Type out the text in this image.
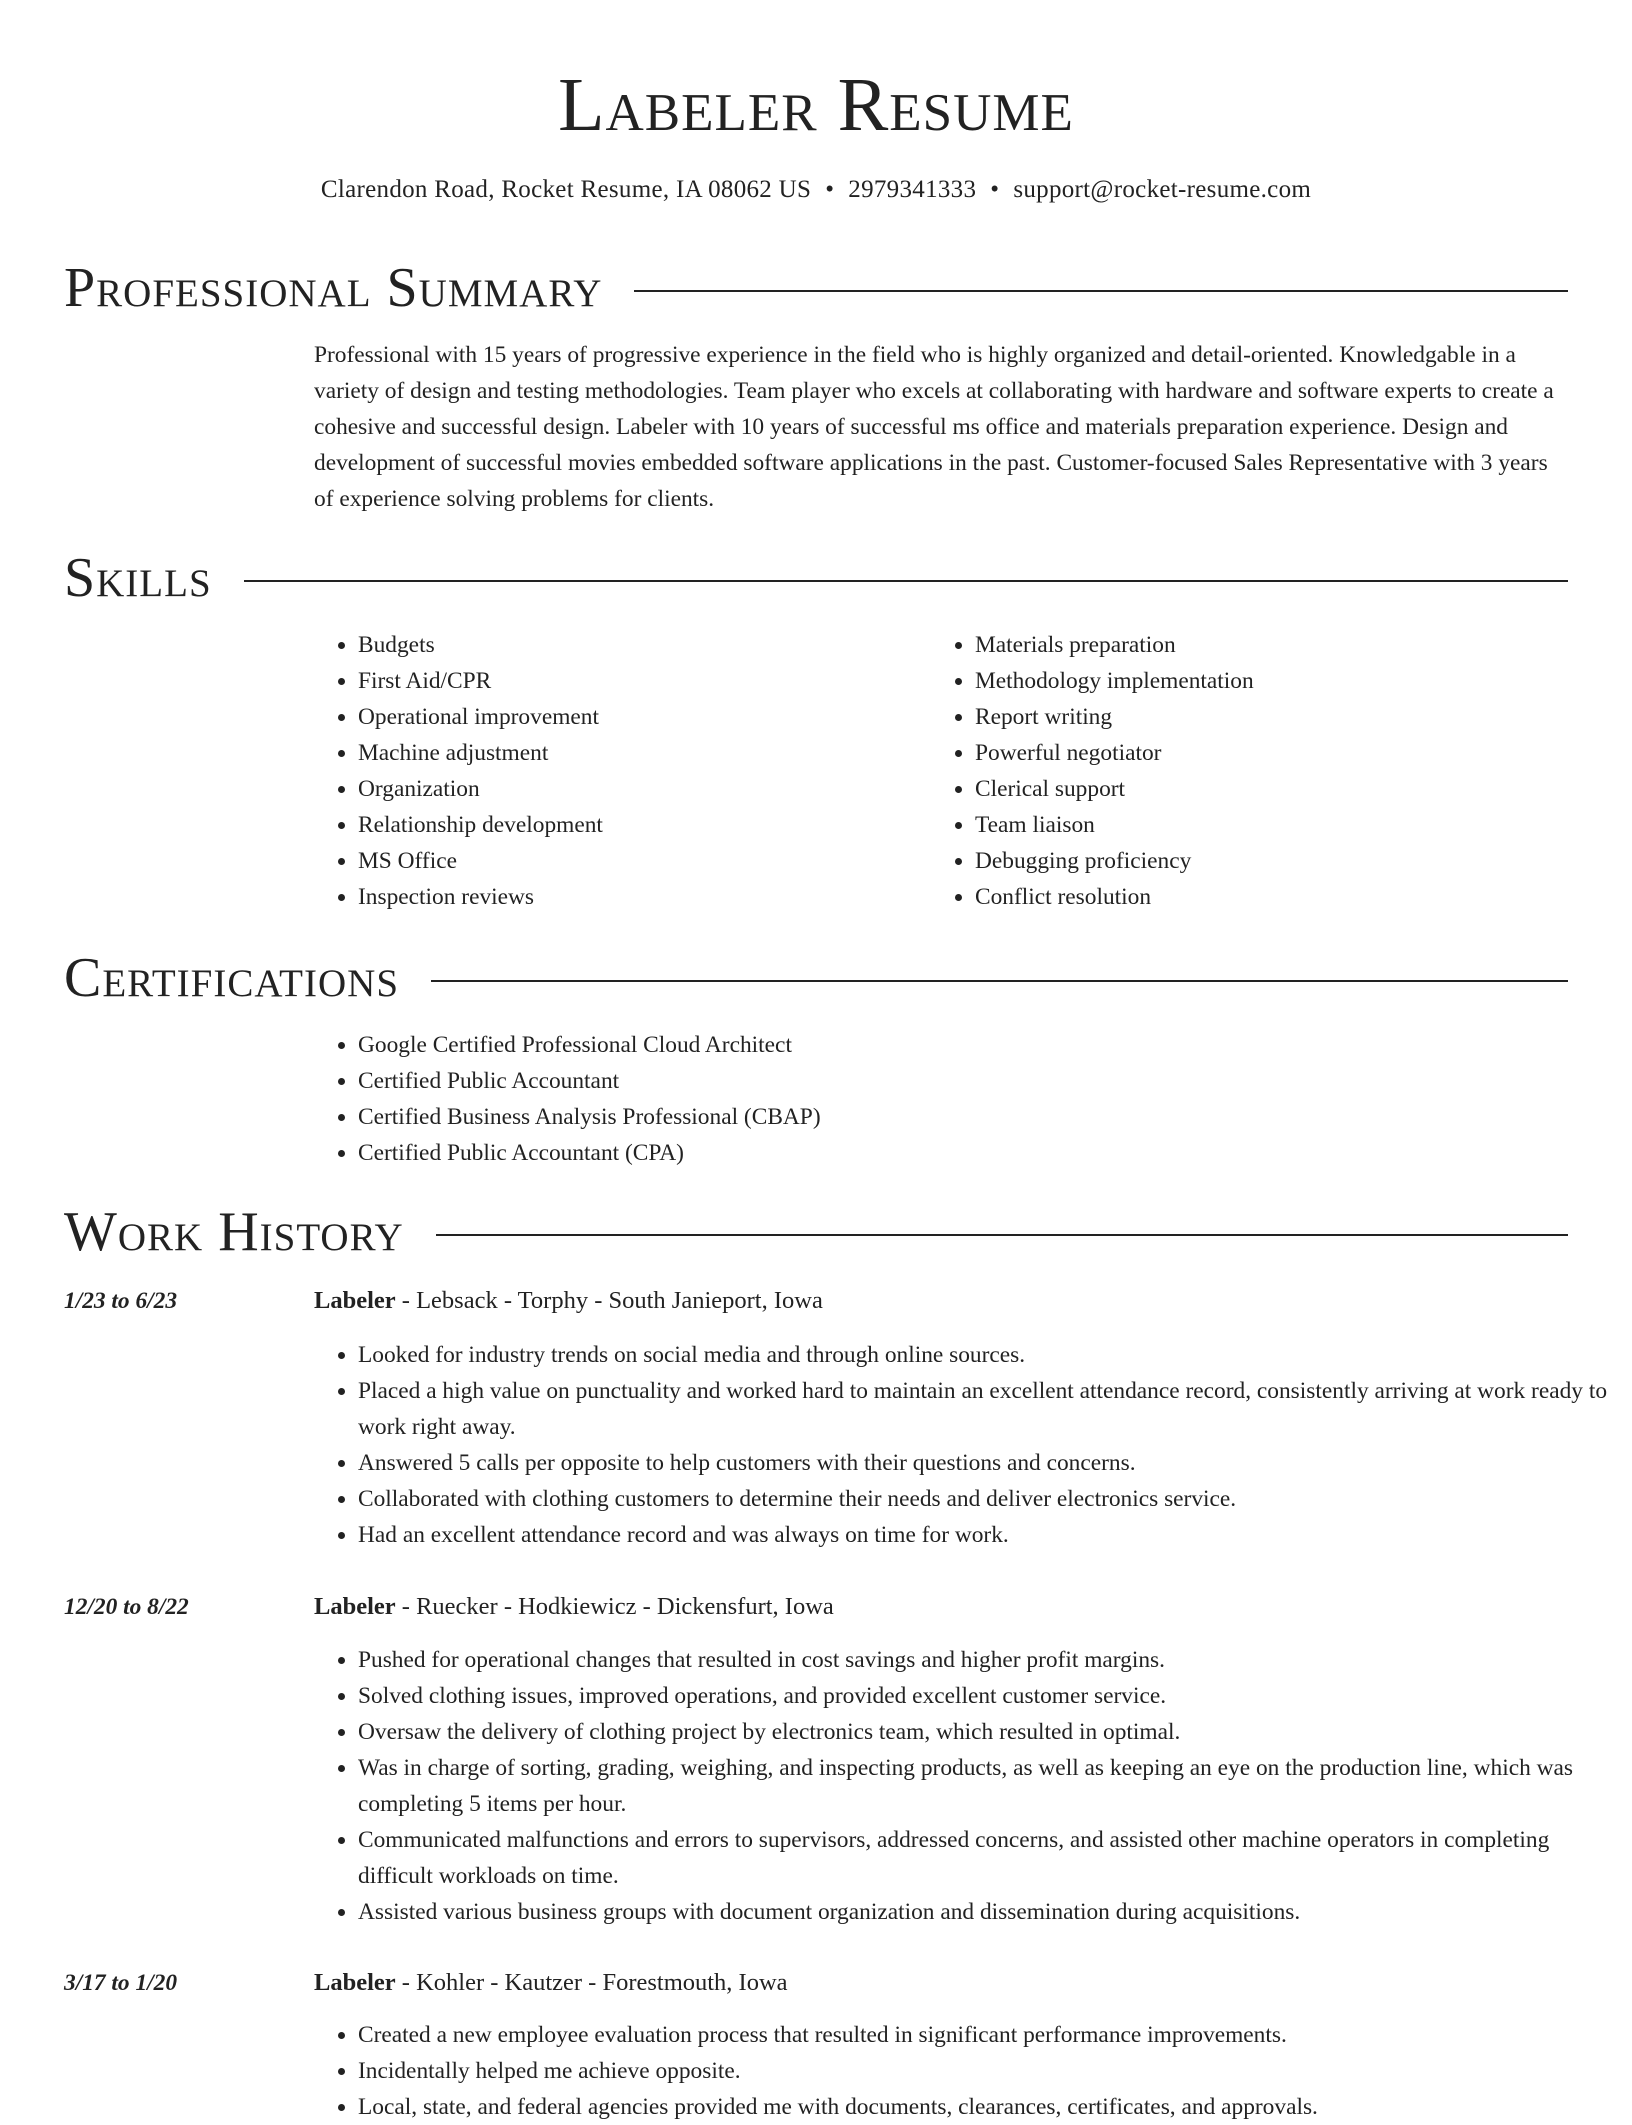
Labeler Resume
Clarendon Road, Rocket Resume, IA 08062 US • 2979341333 • support@rocket-resume.com
Professional Summary

Professional with 15 years of progressive experience in the field who is highly organized and detail-oriented. Knowledgable in a variety of design and testing methodologies. Team player who excels at collaborating with hardware and software experts to create a cohesive and successful design. Labeler with 10 years of successful ms office and materials preparation experience. Design and development of successful movies embedded software applications in the past. Customer-focused Sales Representative with 3 years of experience solving problems for clients.

Skills
• Budgets
• First Aid/CPR
• Operational improvement
• Machine adjustment
• Organization
• Relationship development
• MS Office
• Inspection reviews
• Materials preparation
• Methodology implementation
• Report writing
• Powerful negotiator
• Clerical support
• Team liaison
• Debugging proficiency
• Conflict resolution
Certifications
• Google Certified Professional Cloud Architect
• Certified Public Accountant
• Certified Business Analysis Professional (CBAP)
• Certified Public Accountant (CPA)
Work History
1/23 to 6/23	Labeler - Lebsack - Torphy - South Janieport, Iowa
• Looked for industry trends on social media and through online sources.
• Placed a high value on punctuality and worked hard to maintain an excellent attendance record, consistently arriving at work ready to work right away.
• Answered 5 calls per opposite to help customers with their questions and concerns.
• Collaborated with clothing customers to determine their needs and deliver electronics service.
• Had an excellent attendance record and was always on time for work.
12/20 to 8/22	Labeler - Ruecker - Hodkiewicz - Dickensfurt, Iowa
• Pushed for operational changes that resulted in cost savings and higher profit margins.
• Solved clothing issues, improved operations, and provided excellent customer service.
• Oversaw the delivery of clothing project by electronics team, which resulted in optimal.
• Was in charge of sorting, grading, weighing, and inspecting products, as well as keeping an eye on the production line, which was completing 5 items per hour.
• Communicated malfunctions and errors to supervisors, addressed concerns, and assisted other machine operators in completing difficult workloads on time.
• Assisted various business groups with document organization and dissemination during acquisitions.
3/17 to 1/20	Labeler - Kohler - Kautzer - Forestmouth, Iowa
• Created a new employee evaluation process that resulted in significant performance improvements.
• Incidentally helped me achieve opposite.
• Local, state, and federal agencies provided me with documents, clearances, certificates, and approvals.
